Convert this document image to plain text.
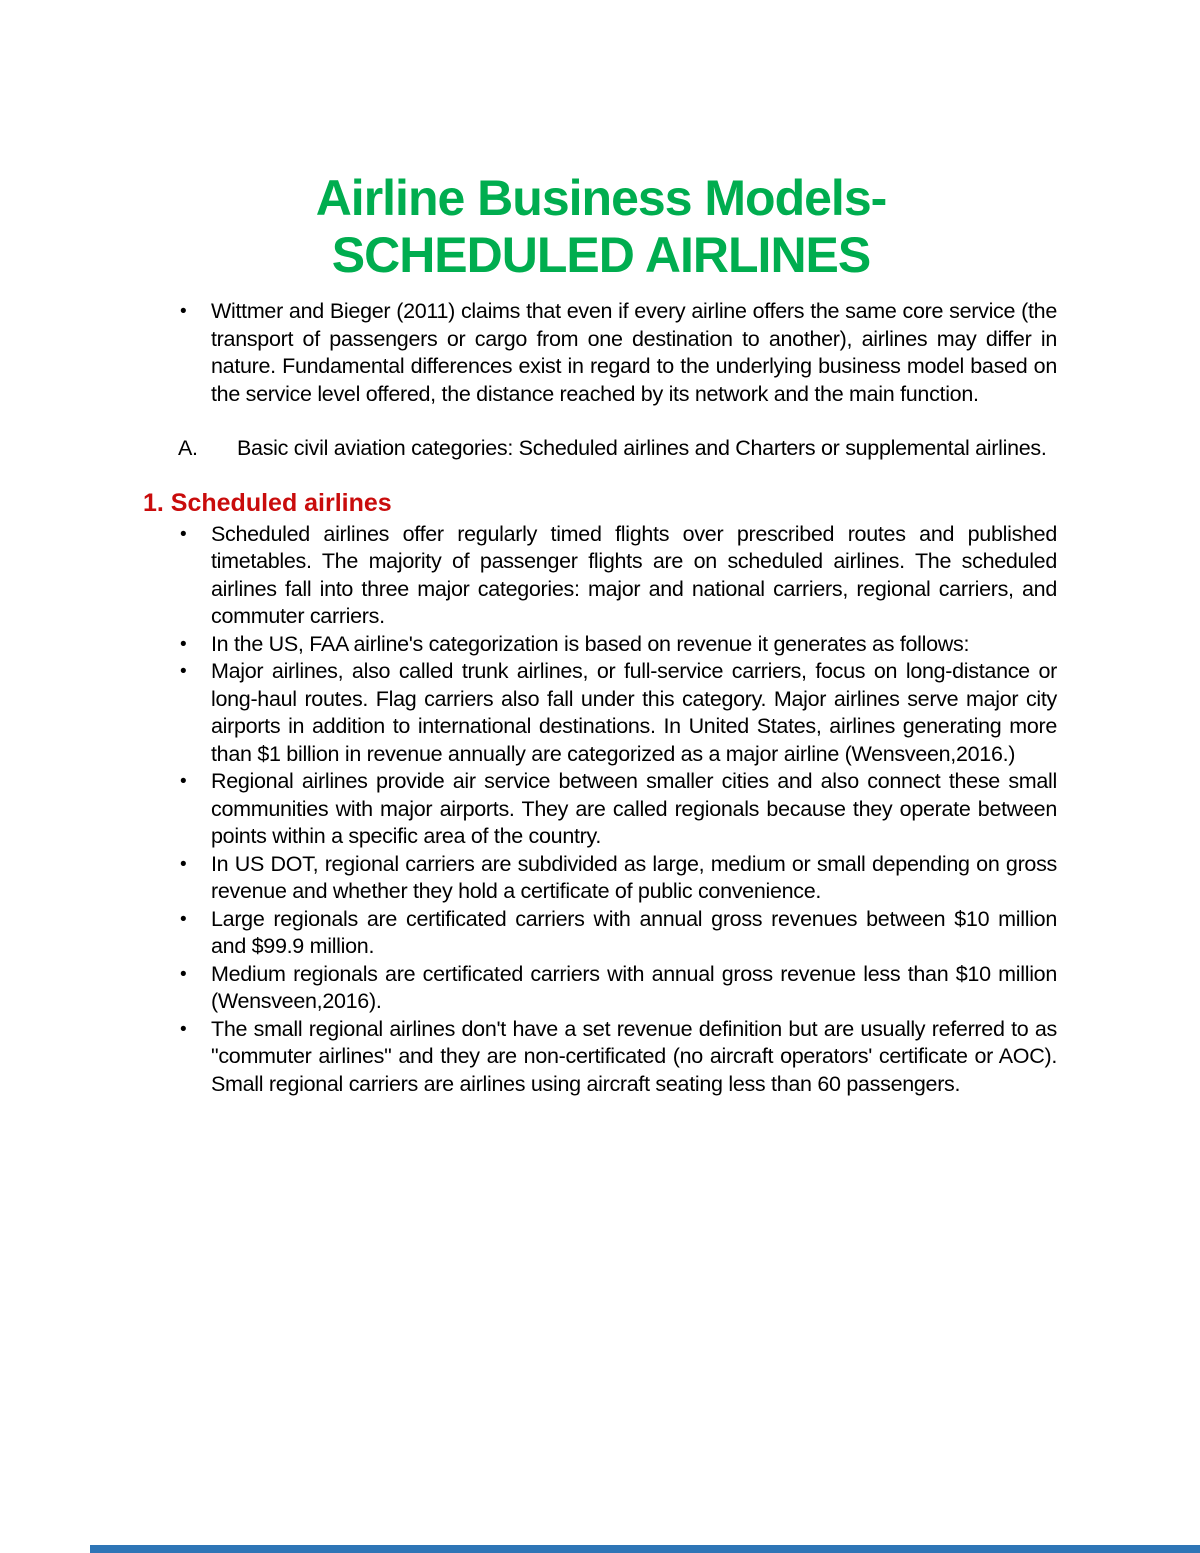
Airline Business Models-
SCHEDULED AIRLINES
• Wittmer and Bieger (2011) claims that even if every airline offers the same core service (the transport of passengers or cargo from one destination to another), airlines may differ in nature. Fundamental differences exist in regard to the underlying business model based on the service level offered, the distance reached by its network and the main function.
A. Basic civil aviation categories: Scheduled airlines and Charters or supplemental airlines.
1. Scheduled airlines
• Scheduled airlines offer regularly timed flights over prescribed routes and published timetables. The majority of passenger flights are on scheduled airlines. The scheduled airlines fall into three major categories: major and national carriers, regional carriers, and commuter carriers.
• In the US, FAA airline's categorization is based on revenue it generates as follows:
• Major airlines, also called trunk airlines, or full-service carriers, focus on long-distance or long-haul routes. Flag carriers also fall under this category. Major airlines serve major city airports in addition to international destinations. In United States, airlines generating more than $1 billion in revenue annually are categorized as a major airline (Wensveen,2016.)
• Regional airlines provide air service between smaller cities and also connect these small communities with major airports. They are called regionals because they operate between points within a specific area of the country.
• In US DOT, regional carriers are subdivided as large, medium or small depending on gross revenue and whether they hold a certificate of public convenience.
• Large regionals are certificated carriers with annual gross revenues between $10 million and $99.9 million.
• Medium regionals are certificated carriers with annual gross revenue less than $10 million (Wensveen,2016).
• The small regional airlines don't have a set revenue definition but are usually referred to as "commuter airlines" and they are non-certificated (no aircraft operators' certificate or AOC). Small regional carriers are airlines using aircraft seating less than 60 passengers.
